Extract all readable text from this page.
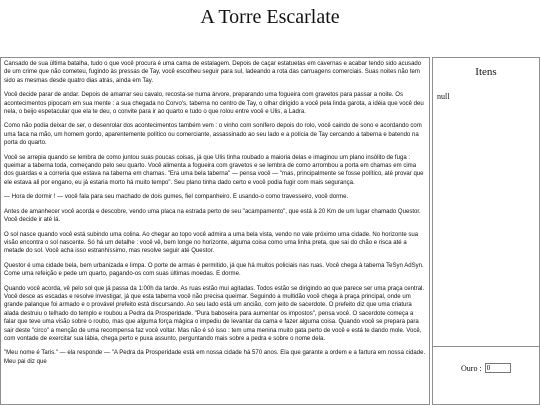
A Torre Escarlate

Cansado de sua última batalha, tudo o que você procura é uma cama de estalagem. Depois de caçar estatuetas em cavernas e acabar tendo sido acusado de um crime que não cometeu, fugindo às pressas de Tay, você escolheu seguir para sul, ladeando a rota das carruagens comerciais. Suas noites não tem sido as mesmas desde quatro dias atrás, ainda em Tay.

Você decide parar de andar. Depois de amarrar seu cavalo, recosta-se numa árvore, preparando uma fogueira com gravetos para passar a noite. Os acontecimentos pipocam em sua mente : a sua chegada no Corvo's, taberna no centro de Tay, o olhar dirigido a você pela linda garota, a idéia que você deu nela, o beijo espetacular que ela te deu, o convite para ir ao quarto e tudo o que rolou entre você e Ulis, a Ladra.

Como não podia deixar de ser, o desenrolar dos acontecimentos também vem : o vinho com sonífero depois do rolo, você caindo de sono e acordando com uma faca na mão, um homem gordo, aparentemente político ou comerciante, assassinado ao seu lado e a polícia de Tay cercando a taberna e batendo na porta do quarto.

Você se arrepia quando se lembra de como juntou suas poucas coisas, já que Ulis tinha roubado a maioria delas e imaginou um plano insólito de fuga : queimar a taberna toda, começando pelo seu quarto. Você alimenta a fogueira com gravetos e se lembra de como arrombou a porta em chamas em cima dos guardas e a correria que estava na taberna em chamas. "Era uma bela taberna" — pensa você — "mas, principalmente se fosse político, até provar que ele estava ali por engano, eu já estaria morto há muito tempo". Seu plano tinha dado certo e você podia fugir com mais segurança.

— Hora de dormir ! — você fala para seu machado de dois gumes, fiel companheiro. E usando-o como travesseiro, você dorme.

Antes de amanhecer você acorda e descobre, vendo uma placa na estrada perto de seu "acampamento", que está à 20 Km de um lugar chamado Questor. Você decide ir até lá.

O sol nasce quando você está subindo uma colina. Ao chegar ao topo você admira a uma bela vista, vendo no vale próximo uma cidade. No horizonte sua visão encontra o sol nascente. Só há um detalhe : você vê, bem longe no horizonte, alguma coisa como uma linha preta, que sai do chão e risca até a metade do sol. Você acha isso estranhíssimo, mas resolve seguir até Questor.

Questor é uma cidade bela, bem urbanizada e limpa. O porte de armas é permitido, já que há muitos policiais nas ruas. Você chega à taberna TeSyn AdSyn. Come uma refeição e pede um quarto, pagando-os com suas últimas moedas. E dorme.

Quando você acorda, vê pelo sol que já passa da 1:00h da tarde. As ruas estão mui agitadas. Todos estão se dirigindo ao que parece ser uma praça central. Você desce as escadas e resolve investigar, já que esta taberna você não precisa queimar. Seguindo a multidão você chega à praça principal, onde um grande palanque foi armado e o provável prefeito está discursando. Ao seu lado está um ancião, com jeito de sacerdote. O prefeito diz que uma criatura alada destruiu o telhado do templo e roubou a Pedra da Prosperidade. "Pura baboseira para aumentar os impostos", pensa você. O sacerdote começa a falar que teve uma visão sobre o roubo, mas que alguma força mágica o impediu de levantar da cama e fazer alguma coisa. Quando você se prepara para sair deste "circo" a menção de uma recompensa faz você voltar. Mas não é só isso : tem uma menina muito gata perto de você e está te dando mole. Você, com vontade de exercitar sua lábia, chega perto e puxa assunto, perguntando mais sobre a pedra e sobre o nome dela.

"Meu nome é Taris." — ela responde — "A Pedra da Prosperidade está em nossa cidade há 570 anos. Ela que garante a ordem e a fartura em nossa cidade. Meu pai diz que

Itens
null
Ouro :
0
